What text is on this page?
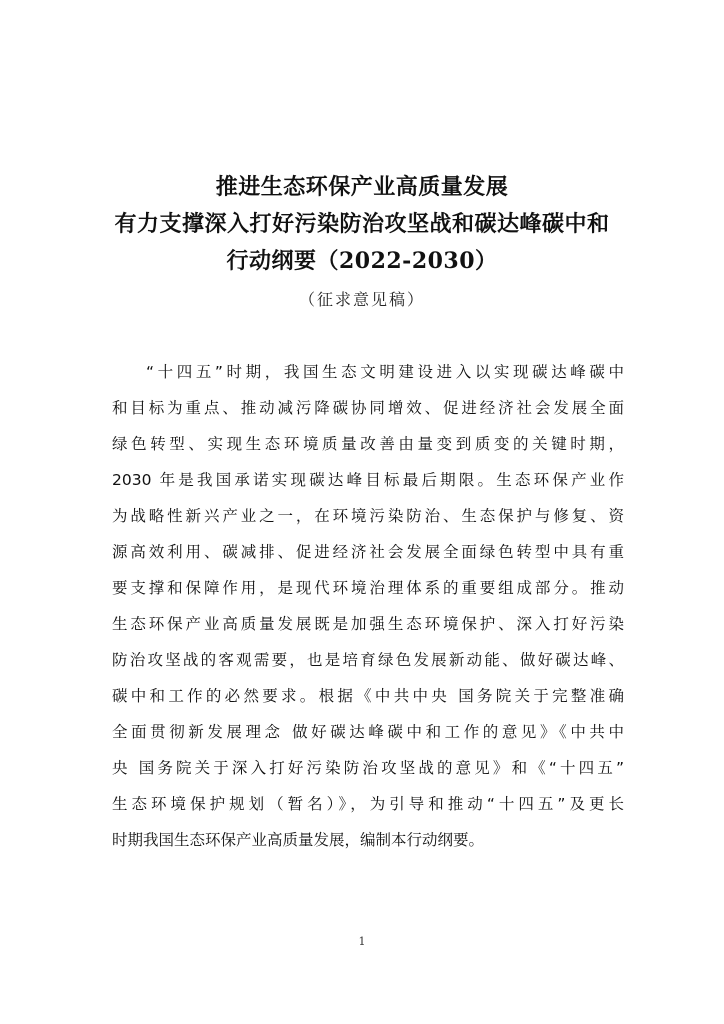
推进生态环保产业高质量发展
有力支撑深入打好污染防治攻坚战和碳达峰碳中和
行动纲要（2022-2030）
（征求意见稿）
“十四五”时期，我国生态文明建设进入以实现碳达峰碳中
和目标为重点、推动减污降碳协同增效、促进经济社会发展全面
绿色转型、实现生态环境质量改善由量变到质变的关键时期，
2030 年是我国承诺实现碳达峰目标最后期限。生态环保产业作
为战略性新兴产业之一，在环境污染防治、生态保护与修复、资
源高效利用、碳减排、促进经济社会发展全面绿色转型中具有重
要支撑和保障作用，是现代环境治理体系的重要组成部分。推动
生态环保产业高质量发展既是加强生态环境保护、深入打好污染
防治攻坚战的客观需要，也是培育绿色发展新动能、做好碳达峰、
碳中和工作的必然要求。根据《中共中央 国务院关于完整准确
全面贯彻新发展理念 做好碳达峰碳中和工作的意见》《中共中
央 国务院关于深入打好污染防治攻坚战的意见》和《“十四五”
生态环境保护规划（暂名）》，为引导和推动“十四五”及更长
时期我国生态环保产业高质量发展，编制本行动纲要。
1
